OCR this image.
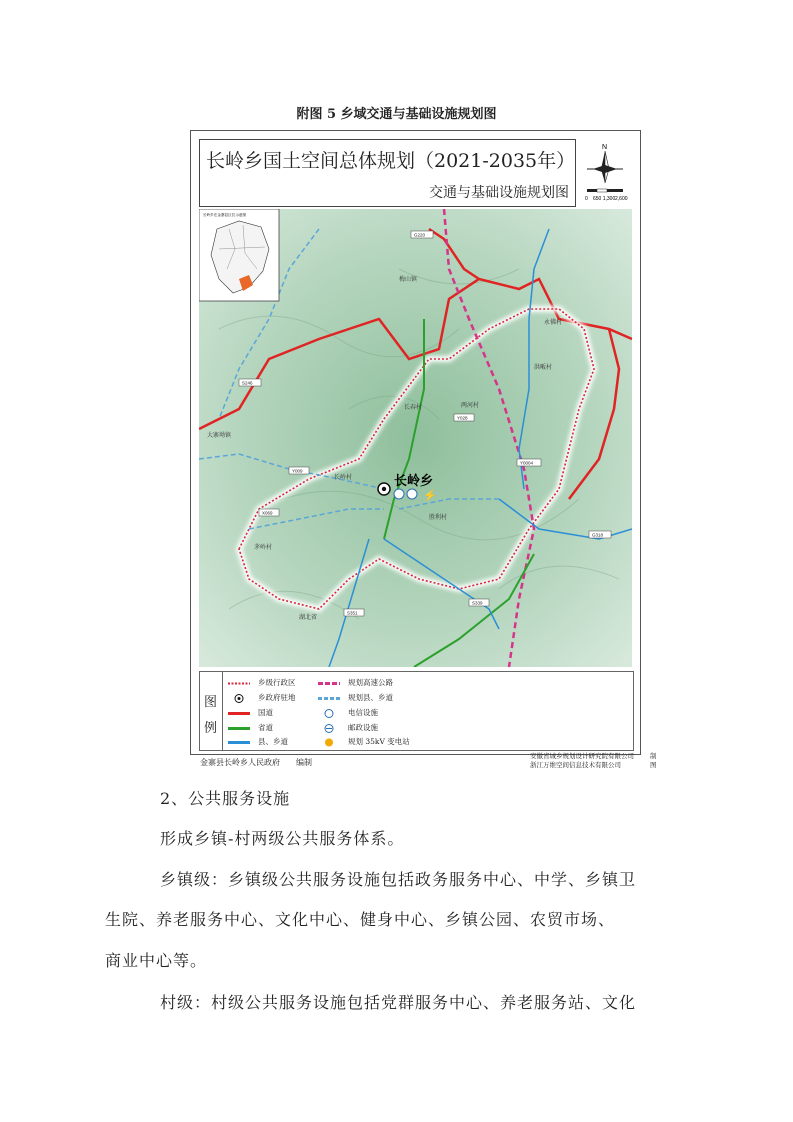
附图 5 乡域交通与基础设施规划图
长岭乡国土空间总体规划（2021-2035年）
交通与基础设施规划图
N
0 650 1,300 2,600
长岭乡在金寨县区位示意图
长岭乡
⚡
梅山镇
永佛村
洪畈村
长春村	两河村
大寨坳镇
长岭村
胜利村
茅岭村
湖北省
G220
S246
Y009
X069
Y028
S351
Y0004
G318
S339
图例
乡级行政区
乡政府驻地
国道
省道
县、乡道
规划高速公路
规划县、乡道
电信设施
邮政设施
规划 35kV 变电站
金寨县长岭乡人民政府　　编制
安徽省城乡规划设计研究院有限公司
浙江万维空间信息技术有限公司
制图
2、公共服务设施
形成乡镇-村两级公共服务体系。
乡镇级：乡镇级公共服务设施包括政务服务中心、中学、乡镇卫
生院、养老服务中心、文化中心、健身中心、乡镇公园、农贸市场、
商业中心等。
村级：村级公共服务设施包括党群服务中心、养老服务站、文化
